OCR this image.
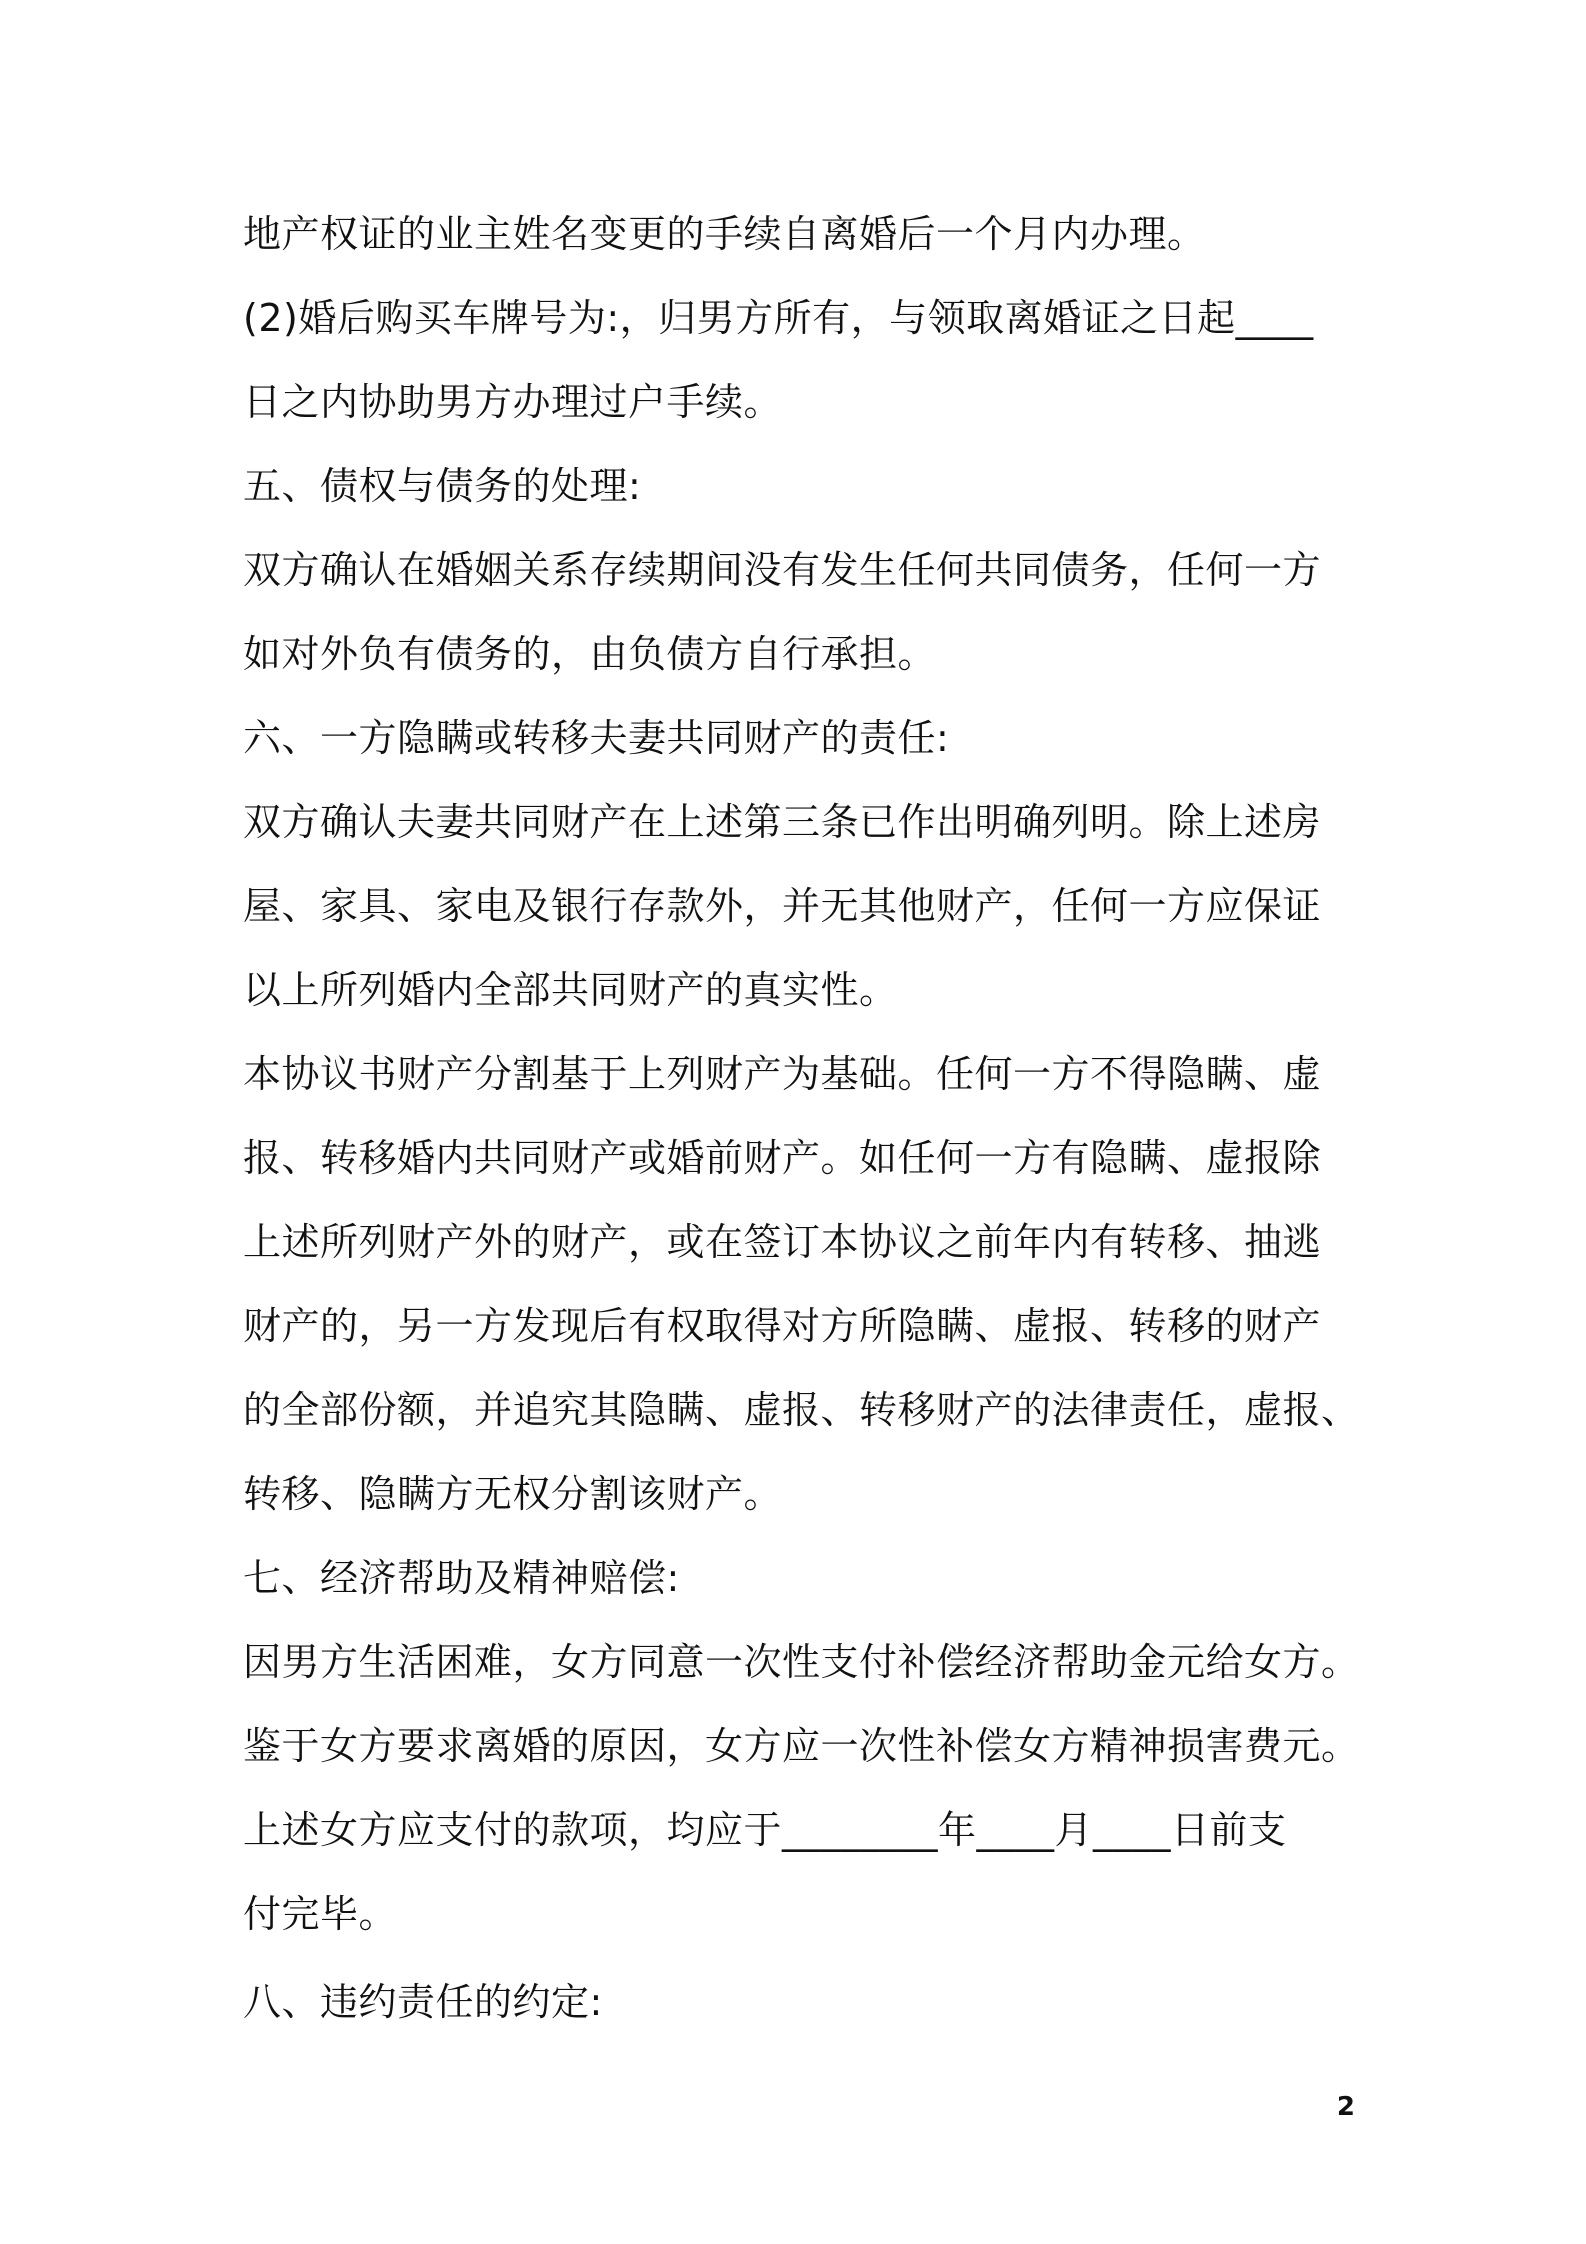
地产权证的业主姓名变更的手续自离婚后一个月内办理。
(2)婚后购买车牌号为:，归男方所有，与领取离婚证之日起____
日之内协助男方办理过户手续。
五、债权与债务的处理:
双方确认在婚姻关系存续期间没有发生任何共同债务，任何一方
如对外负有债务的，由负债方自行承担。
六、一方隐瞒或转移夫妻共同财产的责任:
双方确认夫妻共同财产在上述第三条已作出明确列明。除上述房
屋、家具、家电及银行存款外，并无其他财产，任何一方应保证
以上所列婚内全部共同财产的真实性。
本协议书财产分割基于上列财产为基础。任何一方不得隐瞒、虚
报、转移婚内共同财产或婚前财产。如任何一方有隐瞒、虚报除
上述所列财产外的财产，或在签订本协议之前年内有转移、抽逃
财产的，另一方发现后有权取得对方所隐瞒、虚报、转移的财产
的全部份额，并追究其隐瞒、虚报、转移财产的法律责任，虚报、
转移、隐瞒方无权分割该财产。
七、经济帮助及精神赔偿:
因男方生活困难，女方同意一次性支付补偿经济帮助金元给女方。
鉴于女方要求离婚的原因，女方应一次性补偿女方精神损害费元。
上述女方应支付的款项，均应于________年____月____日前支
付完毕。
八、违约责任的约定:
2
